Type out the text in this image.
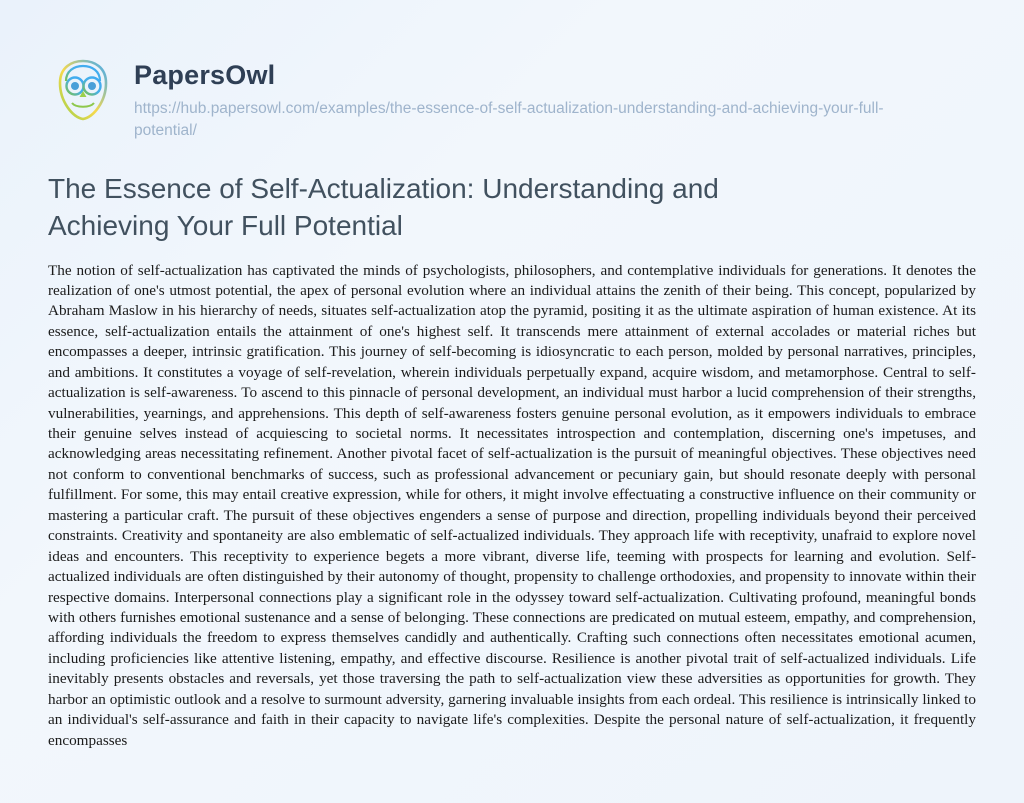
PapersOwl
https://hub.papersowl.com/examples/the-essence-of-self-actualization-understanding-and-achieving-your-full-potential/
The Essence of Self-Actualization: Understanding and Achieving Your Full Potential
The notion of self-actualization has captivated the minds of psychologists, philosophers, and contemplative individuals for generations. It denotes the realization of one's utmost potential, the apex of personal evolution where an individual attains the zenith of their being. This concept, popularized by Abraham Maslow in his hierarchy of needs, situates self-actualization atop the pyramid, positing it as the ultimate aspiration of human existence. At its essence, self-actualization entails the attainment of one's highest self. It transcends mere attainment of external accolades or material riches but encompasses a deeper, intrinsic gratification. This journey of self-becoming is idiosyncratic to each person, molded by personal narratives, principles, and ambitions. It constitutes a voyage of self-revelation, wherein individuals perpetually expand, acquire wisdom, and metamorphose. Central to self-actualization is self-awareness. To ascend to this pinnacle of personal development, an individual must harbor a lucid comprehension of their strengths, vulnerabilities, yearnings, and apprehensions. This depth of self-awareness fosters genuine personal evolution, as it empowers individuals to embrace their genuine selves instead of acquiescing to societal norms. It necessitates introspection and contemplation, discerning one's impetuses, and acknowledging areas necessitating refinement. Another pivotal facet of self-actualization is the pursuit of meaningful objectives. These objectives need not conform to conventional benchmarks of success, such as professional advancement or pecuniary gain, but should resonate deeply with personal fulfillment. For some, this may entail creative expression, while for others, it might involve effectuating a constructive influence on their community or mastering a particular craft. The pursuit of these objectives engenders a sense of purpose and direction, propelling individuals beyond their perceived constraints. Creativity and spontaneity are also emblematic of self-actualized individuals. They approach life with receptivity, unafraid to explore novel ideas and encounters. This receptivity to experience begets a more vibrant, diverse life, teeming with prospects for learning and evolution. Self-actualized individuals are often distinguished by their autonomy of thought, propensity to challenge orthodoxies, and propensity to innovate within their respective domains. Interpersonal connections play a significant role in the odyssey toward self-actualization. Cultivating profound, meaningful bonds with others furnishes emotional sustenance and a sense of belonging. These connections are predicated on mutual esteem, empathy, and comprehension, affording individuals the freedom to express themselves candidly and authentically. Crafting such connections often necessitates emotional acumen, including proficiencies like attentive listening, empathy, and effective discourse. Resilience is another pivotal trait of self-actualized individuals. Life inevitably presents obstacles and reversals, yet those traversing the path to self-actualization view these adversities as opportunities for growth. They harbor an optimistic outlook and a resolve to surmount adversity, garnering invaluable insights from each ordeal. This resilience is intrinsically linked to an individual's self-assurance and faith in their capacity to navigate life's complexities. Despite the personal nature of self-actualization, it frequently encompasses
